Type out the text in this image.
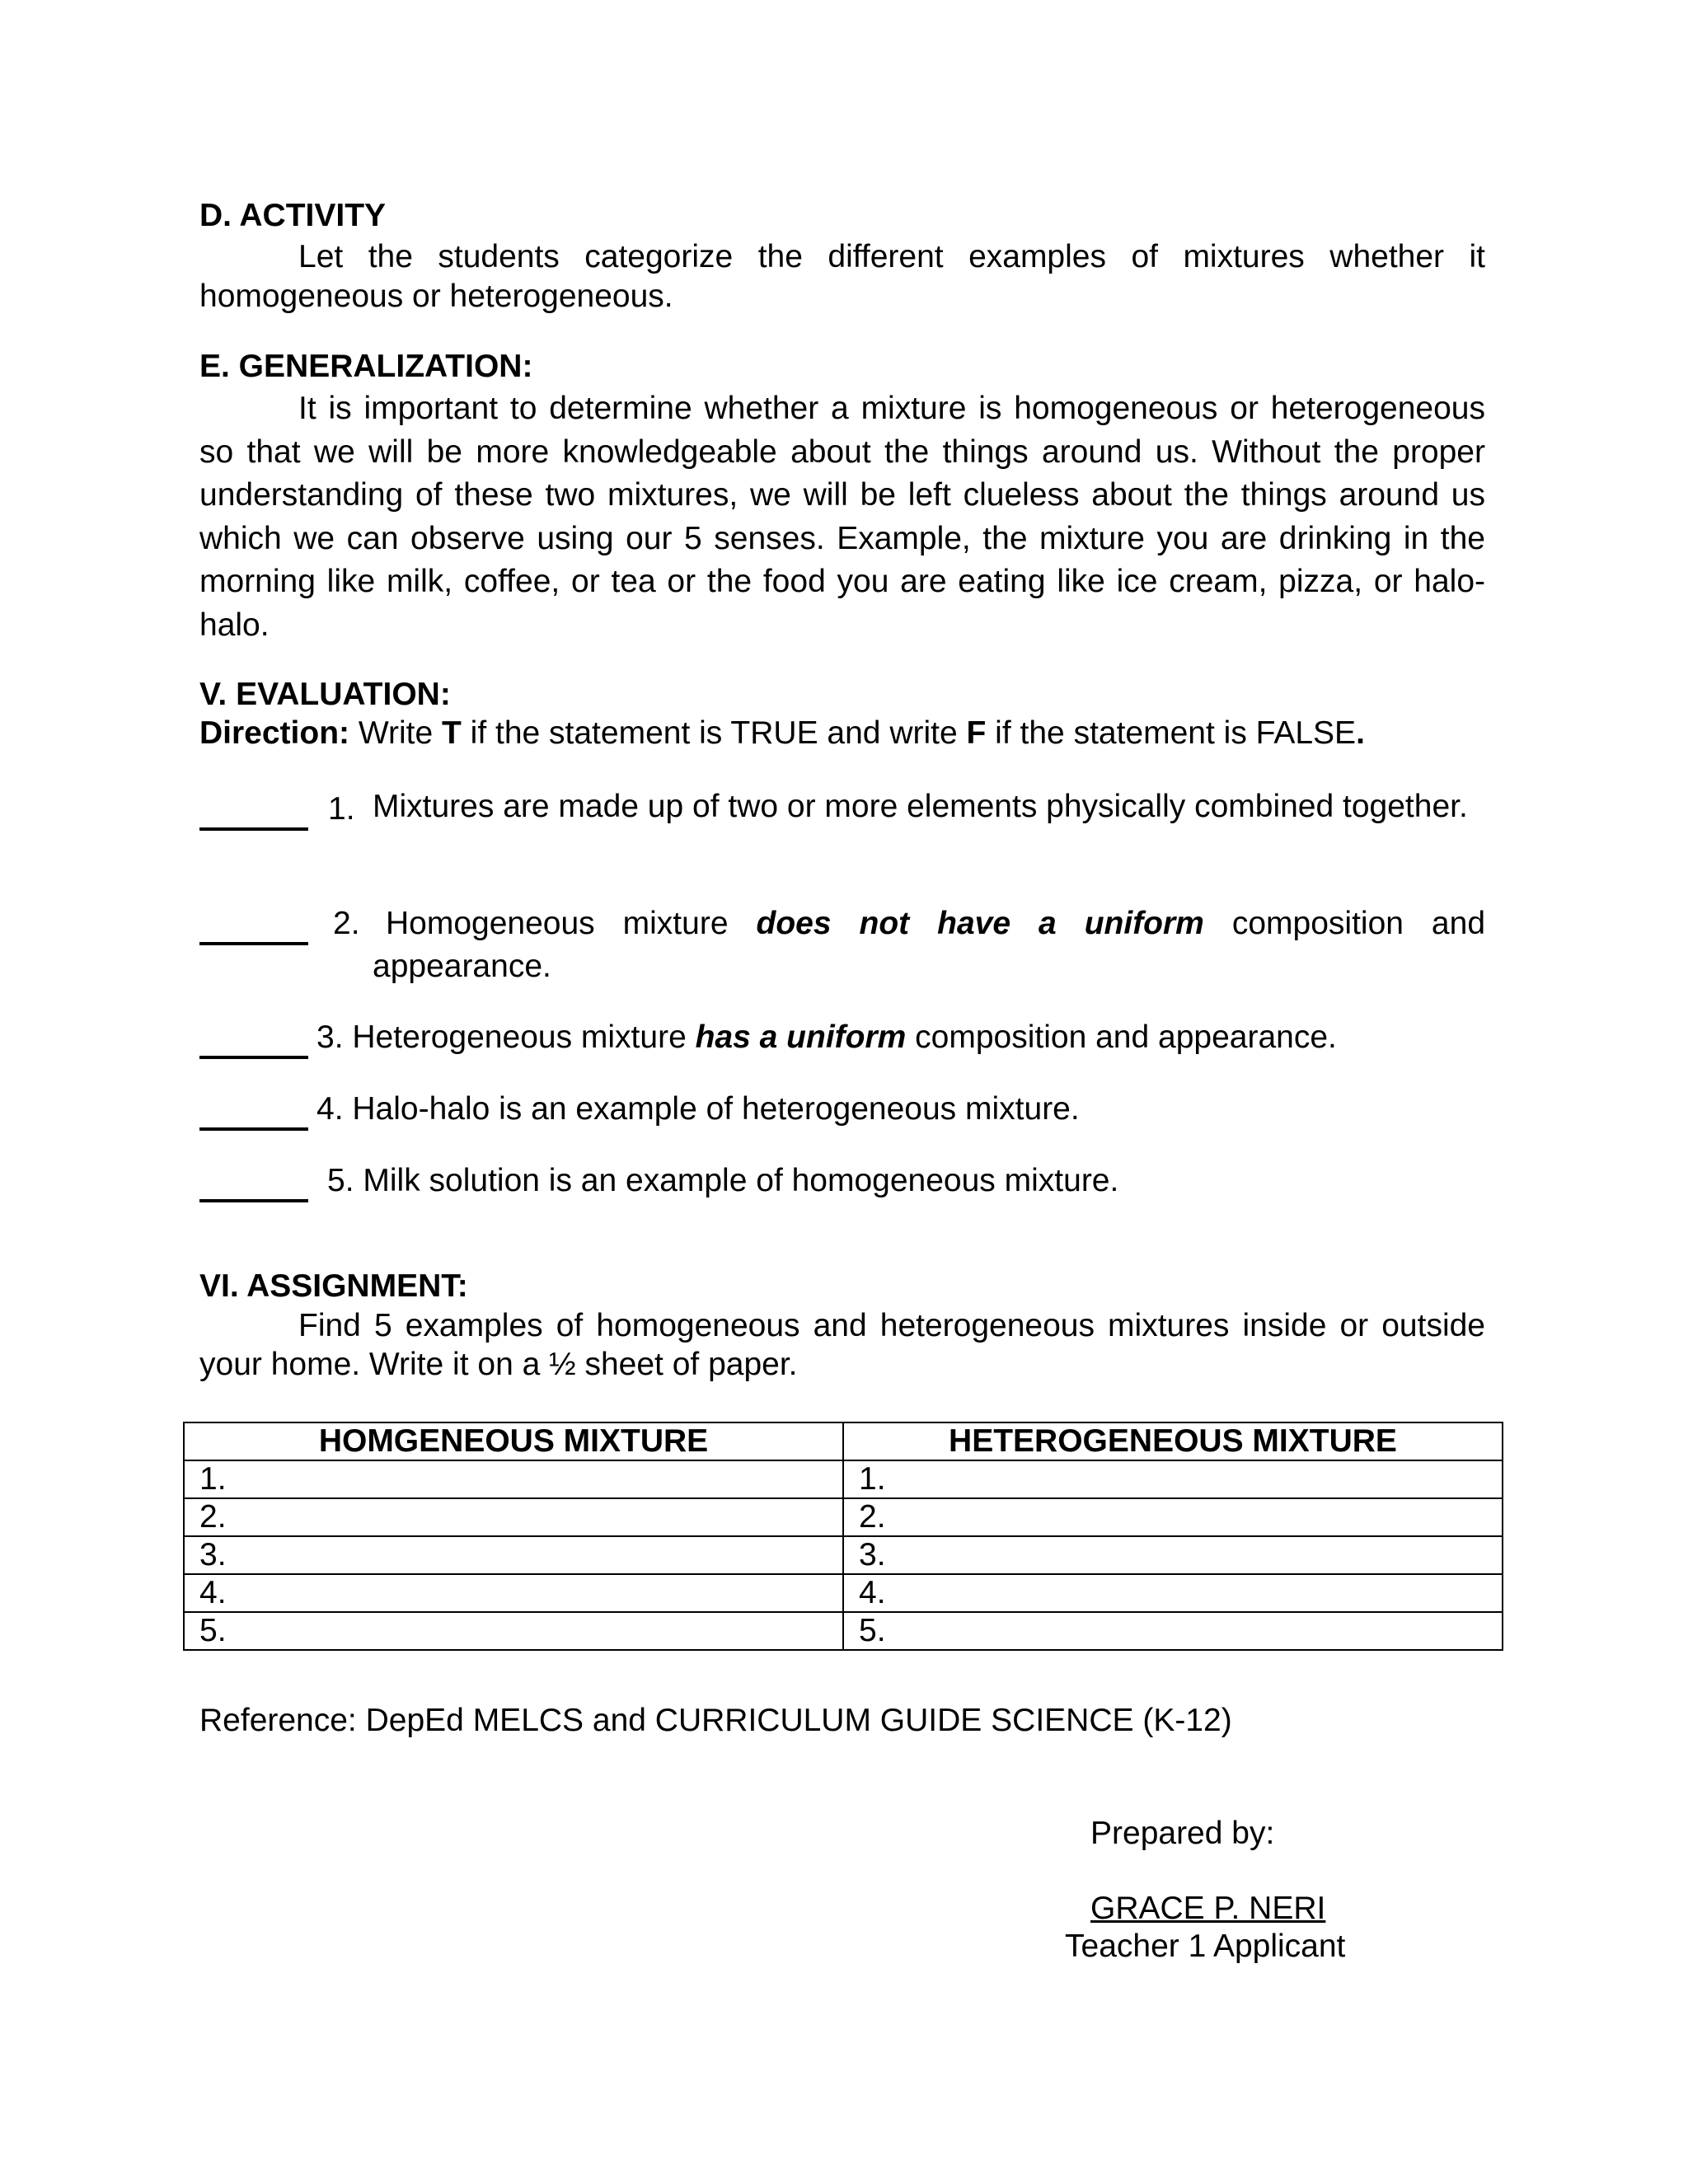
D. ACTIVITY

Let the students categorize the different examples of mixtures whether it homogeneous or heterogeneous.

E. GENERALIZATION:

It is important to determine whether a mixture is homogeneous or heterogeneous so that we will be more knowledgeable about the things around us. Without the proper understanding of these two mixtures, we will be left clueless about the things around us which we can observe using our 5 senses. Example, the mixture you are drinking in the morning like milk, coffee, or tea or the food you are eating like ice cream, pizza, or halo-halo.

V. EVALUATION:

Direction: Write T if the statement is TRUE and write F if the statement is FALSE.

1. Mixtures are made up of two or more elements physically combined together.
2. Homogeneous mixture does not have a uniform composition and appearance.
3. Heterogeneous mixture has a uniform composition and appearance.
4. Halo-halo is an example of heterogeneous mixture.
5. Milk solution is an example of homogeneous mixture.

VI. ASSIGNMENT:

Find 5 examples of homogeneous and heterogeneous mixtures inside or outside your home. Write it on a ½ sheet of paper.

HOMGENEOUS MIXTURE	HETEROGENEOUS MIXTURE
1.	1.
2.	2.
3.	3.
4.	4.
5.	5.
Reference: DepEd MELCS and CURRICULUM GUIDE SCIENCE (K-12)
Prepared by:
GRACE P. NERI
Teacher 1 Applicant
